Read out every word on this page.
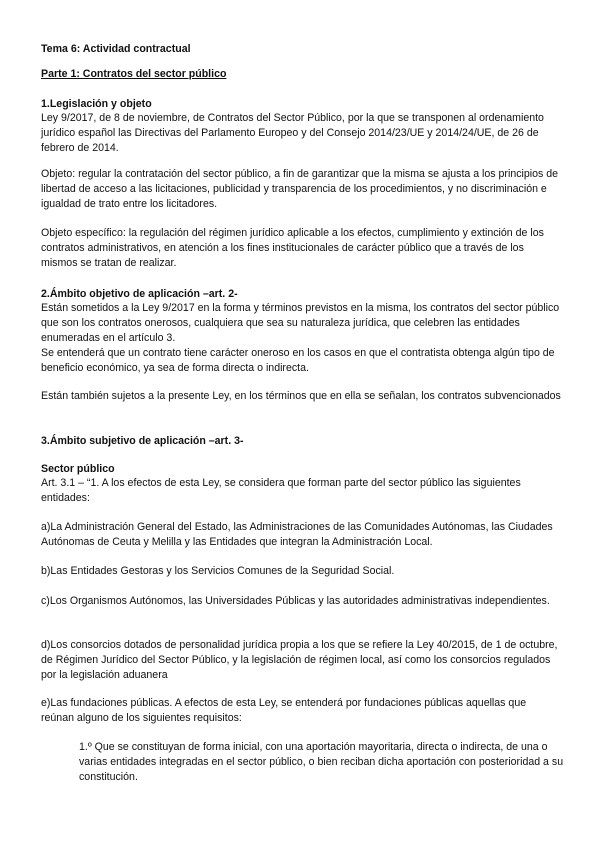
Tema 6: Actividad contractual

Parte 1: Contratos del sector público

1.Legislación y objeto

Ley 9/2017, de 8 de noviembre, de Contratos del Sector Público, por la que se transponen al ordenamiento jurídico español las Directivas del Parlamento Europeo y del Consejo 2014/23/UE y 2014/24/UE, de 26 de febrero de 2014.

Objeto: regular la contratación del sector público, a fin de garantizar que la misma se ajusta a los principios de libertad de acceso a las licitaciones, publicidad y transparencia de los procedimientos, y no discriminación e igualdad de trato entre los licitadores.

Objeto específico: la regulación del régimen jurídico aplicable a los efectos, cumplimiento y extinción de los contratos administrativos, en atención a los fines institucionales de carácter público que a través de los mismos se tratan de realizar.

2.Ámbito objetivo de aplicación –art. 2-

Están sometidos a la Ley 9/2017 en la forma y términos previstos en la misma, los contratos del sector público que son los contratos onerosos, cualquiera que sea su naturaleza jurídica, que celebren las entidades enumeradas en el artículo 3.

Se entenderá que un contrato tiene carácter oneroso en los casos en que el contratista obtenga algún tipo de beneficio económico, ya sea de forma directa o indirecta.

Están también sujetos a la presente Ley, en los términos que en ella se señalan, los contratos subvencionados

3.Ámbito subjetivo de aplicación –art. 3-

Sector público

Art. 3.1 – “1. A los efectos de esta Ley, se considera que forman parte del sector público las siguientes entidades:

a)La Administración General del Estado, las Administraciones de las Comunidades Autónomas, las Ciudades Autónomas de Ceuta y Melilla y las Entidades que integran la Administración Local.

b)Las Entidades Gestoras y los Servicios Comunes de la Seguridad Social.

c)Los Organismos Autónomos, las Universidades Públicas y las autoridades administrativas independientes.

d)Los consorcios dotados de personalidad jurídica propia a los que se refiere la Ley 40/2015, de 1 de octubre, de Régimen Jurídico del Sector Público, y la legislación de régimen local, así como los consorcios regulados por la legislación aduanera

e)Las fundaciones públicas. A efectos de esta Ley, se entenderá por fundaciones públicas aquellas que reúnan alguno de los siguientes requisitos:

1.º Que se constituyan de forma inicial, con una aportación mayoritaria, directa o indirecta, de una o varias entidades integradas en el sector público, o bien reciban dicha aportación con posterioridad a su constitución.
